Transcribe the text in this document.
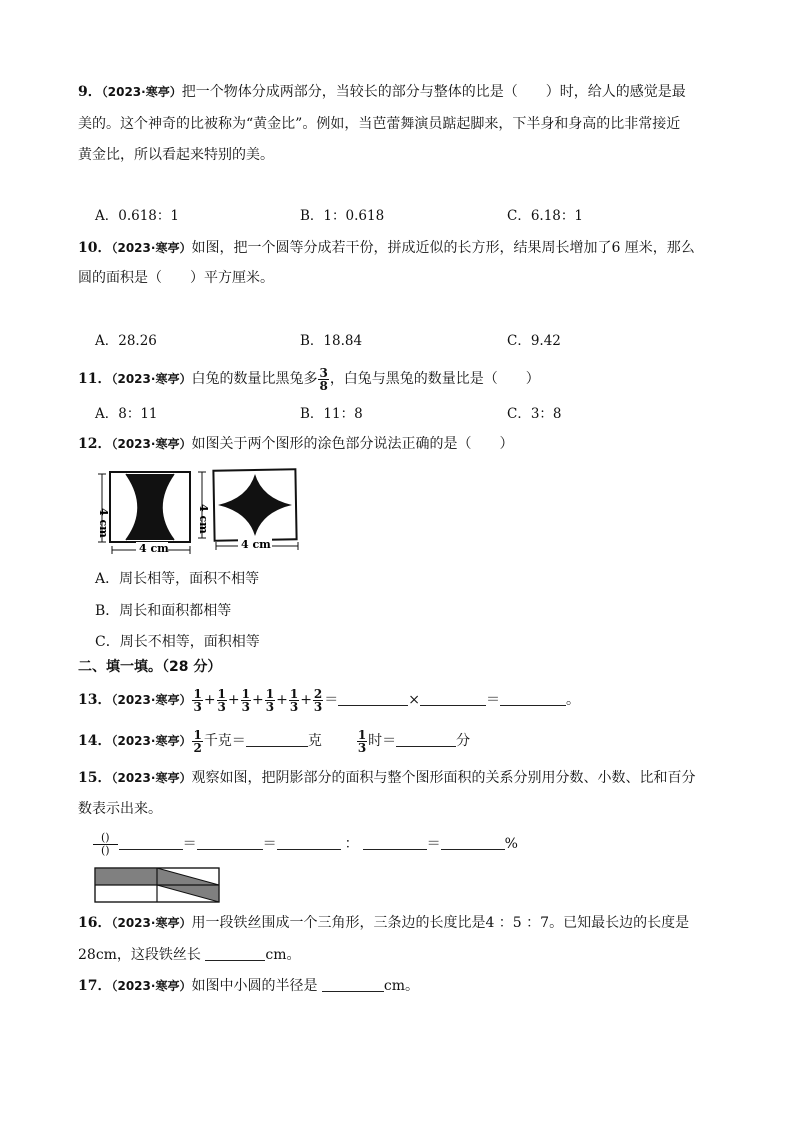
9．（2023·寒亭）把一个物体分成两部分，当较长的部分与整体的比是（　　）时，给人的感觉是最
美的。这个神奇的比被称为“黄金比”。例如，当芭蕾舞演员踮起脚来，下半身和身高的比非常接近
黄金比，所以看起来特别的美。
A．0.618：1	B．1：0.618	C．6.18：1
10．（2023·寒亭）如图，把一个圆等分成若干份，拼成近似的长方形，结果周长增加了6 厘米，那么
圆的面积是（　　）平方厘米。
A．28.26	B．18.84	C．9.42
11．（2023·寒亭）白兔的数量比黑兔多 $\frac{3}{8}$ ，白兔与黑兔的数量比是（　　）
A．8：11	B．11：8	C．3：8
12．（2023·寒亭）如图关于两个图形的涂色部分说法正确的是（　　）
4 cm
4 cm
4 cm
4 cm
A．周长相等，面积不相等
B．周长和面积都相等
C．周长不相等，面积相等
二、填一填。（28 分）
13．（2023·寒亭） $\frac{1}{3} + \frac{1}{3} + \frac{1}{3} + \frac{1}{3} + \frac{1}{3} + \frac{2}{3}$ ＝	×	＝	。
14．（2023·寒亭） $\frac{1}{2}$ 千克＝	克	$\frac{1}{3}$ 时＝	分
15．（2023·寒亭）观察如图，把阴影部分的面积与整个图形面积的关系分别用分数、小数、比和百分
数表示出来。
$\frac{()}{()}$	＝	＝	：	＝	%
16．（2023·寒亭）用一段铁丝围成一个三角形，三条边的长度比是4 ：5 ：7。已知最长边的长度是
28cm，这段铁丝长	cm。
17．（2023·寒亭）如图中小圆的半径是	cm。
